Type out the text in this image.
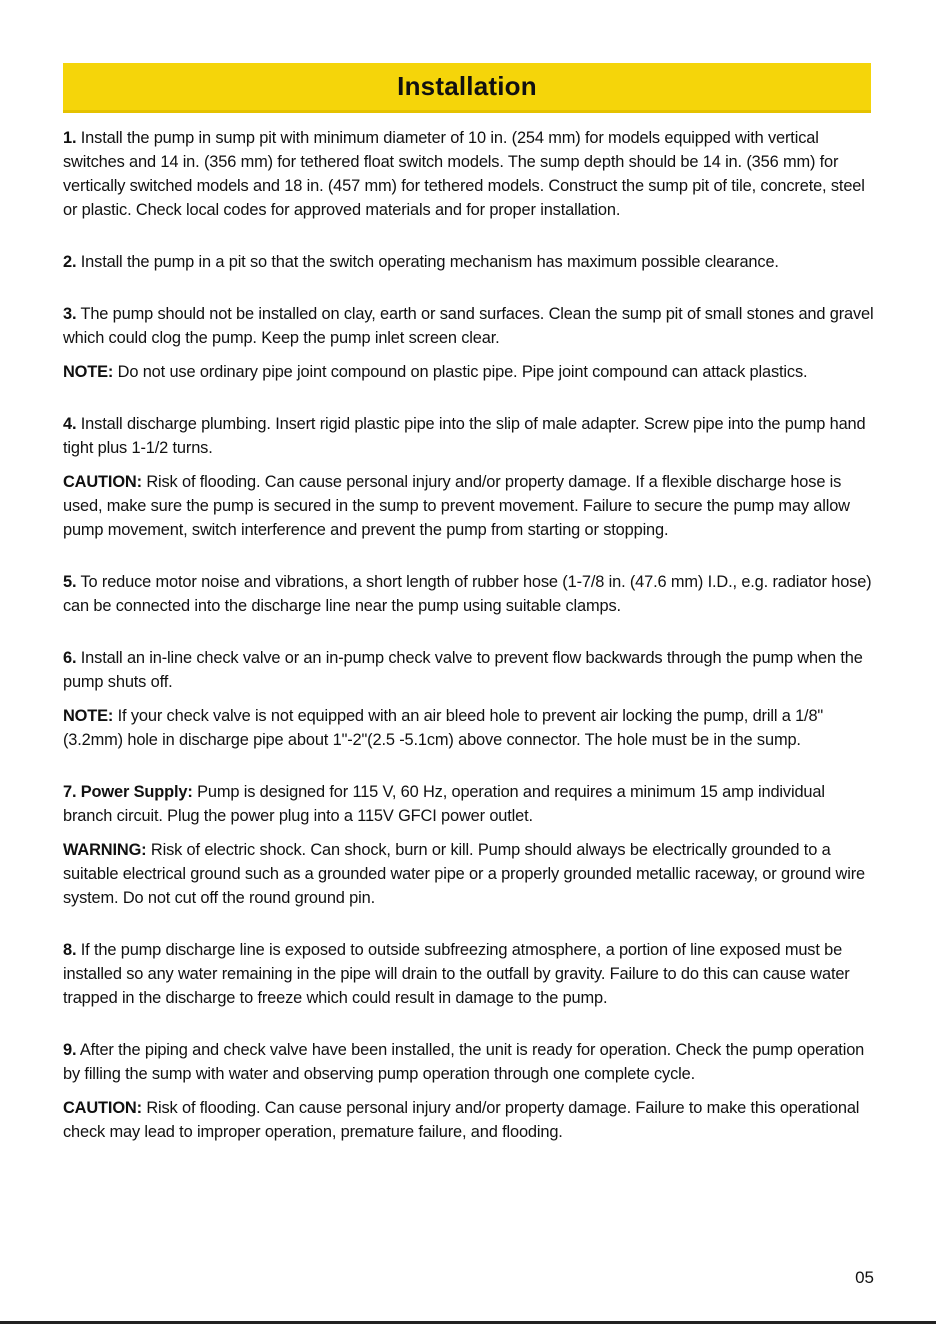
Installation

1. Install the pump in sump pit with minimum diameter of 10 in. (254 mm) for models equipped with vertical switches and 14 in. (356 mm) for tethered float switch models. The sump depth should be 14 in. (356 mm) for vertically switched models and 18 in. (457 mm) for tethered models. Construct the sump pit of tile, concrete, steel or plastic. Check local codes for approved materials and for proper installation.

2. Install the pump in a pit so that the switch operating mechanism has maximum possible clearance.

3. The pump should not be installed on clay, earth or sand surfaces. Clean the sump pit of small stones and gravel which could clog the pump. Keep the pump inlet screen clear.

NOTE: Do not use ordinary pipe joint compound on plastic pipe. Pipe joint compound can attack plastics.

4. Install discharge plumbing. Insert rigid plastic pipe into the slip of male adapter. Screw pipe into the pump hand tight plus 1-1/2 turns.

CAUTION: Risk of flooding. Can cause personal injury and/or property damage. If a flexible discharge hose is used, make sure the pump is secured in the sump to prevent movement. Failure to secure the pump may allow pump movement, switch interference and prevent the pump from starting or stopping.

5. To reduce motor noise and vibrations, a short length of rubber hose (1-7/8 in. (47.6 mm) I.D., e.g. radiator hose) can be connected into the discharge line near the pump using suitable clamps.

6. Install an in-line check valve or an in-pump check valve to prevent flow backwards through the pump when the pump shuts off.

NOTE: If your check valve is not equipped with an air bleed hole to prevent air locking the pump, drill a 1/8"(3.2mm) hole in discharge pipe about 1"-2"(2.5 -5.1cm) above connector. The hole must be in the sump.

7. Power Supply: Pump is designed for 115 V, 60 Hz, operation and requires a minimum 15 amp individual branch circuit. Plug the power plug into a 115V GFCI power outlet.

WARNING: Risk of electric shock. Can shock, burn or kill. Pump should always be electrically grounded to a suitable electrical ground such as a grounded water pipe or a properly grounded metallic raceway, or ground wire system. Do not cut off the round ground pin.

8. If the pump discharge line is exposed to outside subfreezing atmosphere, a portion of line exposed must be installed so any water remaining in the pipe will drain to the outfall by gravity. Failure to do this can cause water trapped in the discharge to freeze which could result in damage to the pump.

9. After the piping and check valve have been installed, the unit is ready for operation. Check the pump operation by filling the sump with water and observing pump operation through one complete cycle.

CAUTION: Risk of flooding. Can cause personal injury and/or property damage. Failure to make this operational check may lead to improper operation, premature failure, and flooding.

05
